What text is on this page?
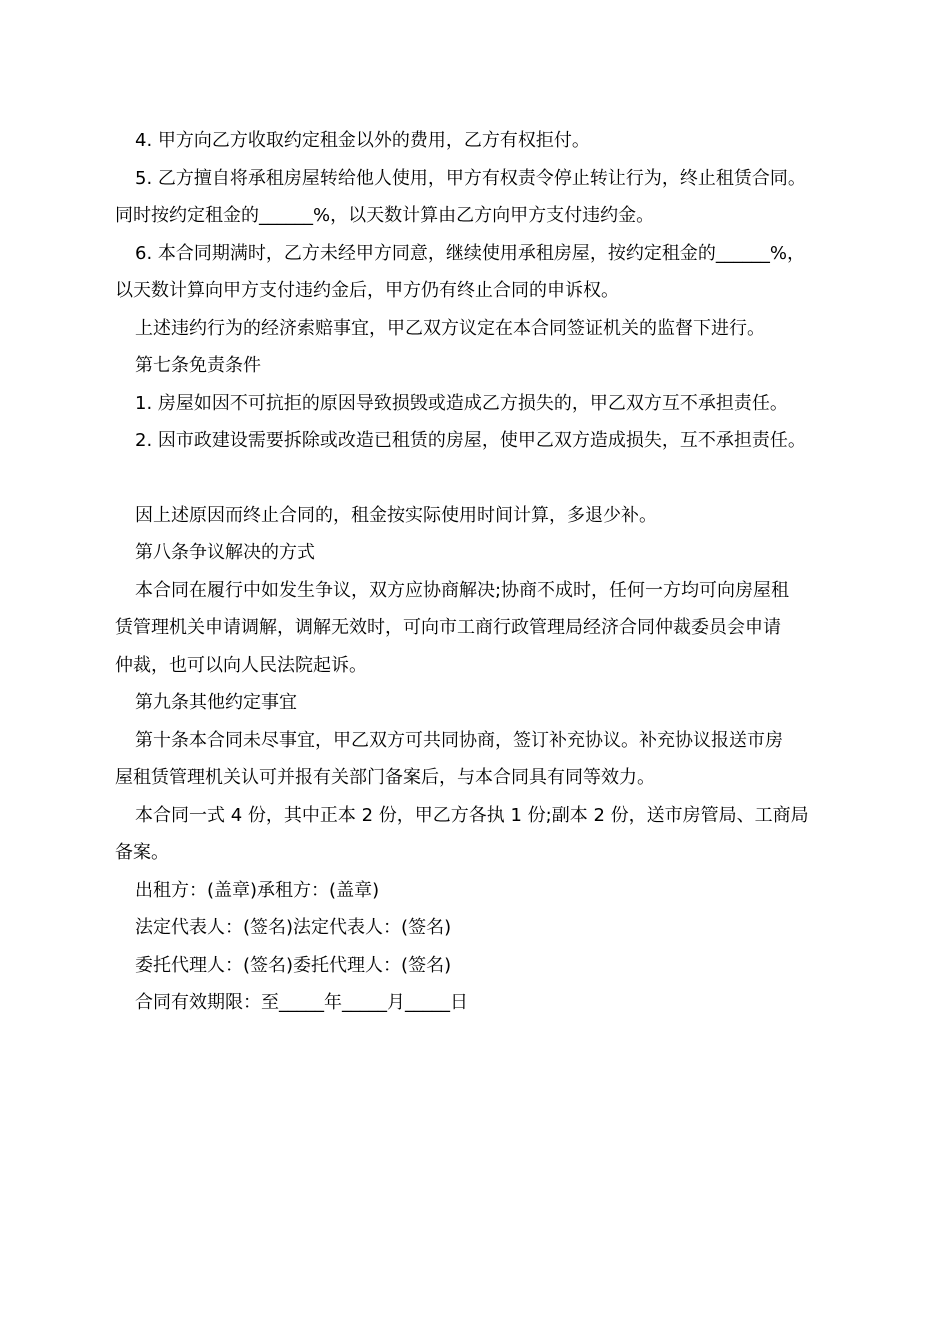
4. 甲方向乙方收取约定租金以外的费用，乙方有权拒付。

5. 乙方擅自将承租房屋转给他人使用，甲方有权责令停止转让行为，终止租赁合同。

同时按约定租金的______%，以天数计算由乙方向甲方支付违约金。

6. 本合同期满时，乙方未经甲方同意，继续使用承租房屋，按约定租金的______%，

以天数计算向甲方支付违约金后，甲方仍有终止合同的申诉权。

上述违约行为的经济索赔事宜，甲乙双方议定在本合同签证机关的监督下进行。

第七条免责条件

1. 房屋如因不可抗拒的原因导致损毁或造成乙方损失的，甲乙双方互不承担责任。

2. 因市政建设需要拆除或改造已租赁的房屋，使甲乙双方造成损失，互不承担责任。

因上述原因而终止合同的，租金按实际使用时间计算，多退少补。

第八条争议解决的方式

本合同在履行中如发生争议，双方应协商解决;协商不成时，任何一方均可向房屋租

赁管理机关申请调解，调解无效时，可向市工商行政管理局经济合同仲裁委员会申请

仲裁，也可以向人民法院起诉。

第九条其他约定事宜

第十条本合同未尽事宜，甲乙双方可共同协商，签订补充协议。补充协议报送市房

屋租赁管理机关认可并报有关部门备案后，与本合同具有同等效力。

本合同一式 4 份，其中正本 2 份，甲乙方各执 1 份;副本 2 份，送市房管局、工商局

备案。

出租方：(盖章)承租方：(盖章)

法定代表人：(签名)法定代表人：(签名)

委托代理人：(签名)委托代理人：(签名)

合同有效期限：至_____年_____月_____日
